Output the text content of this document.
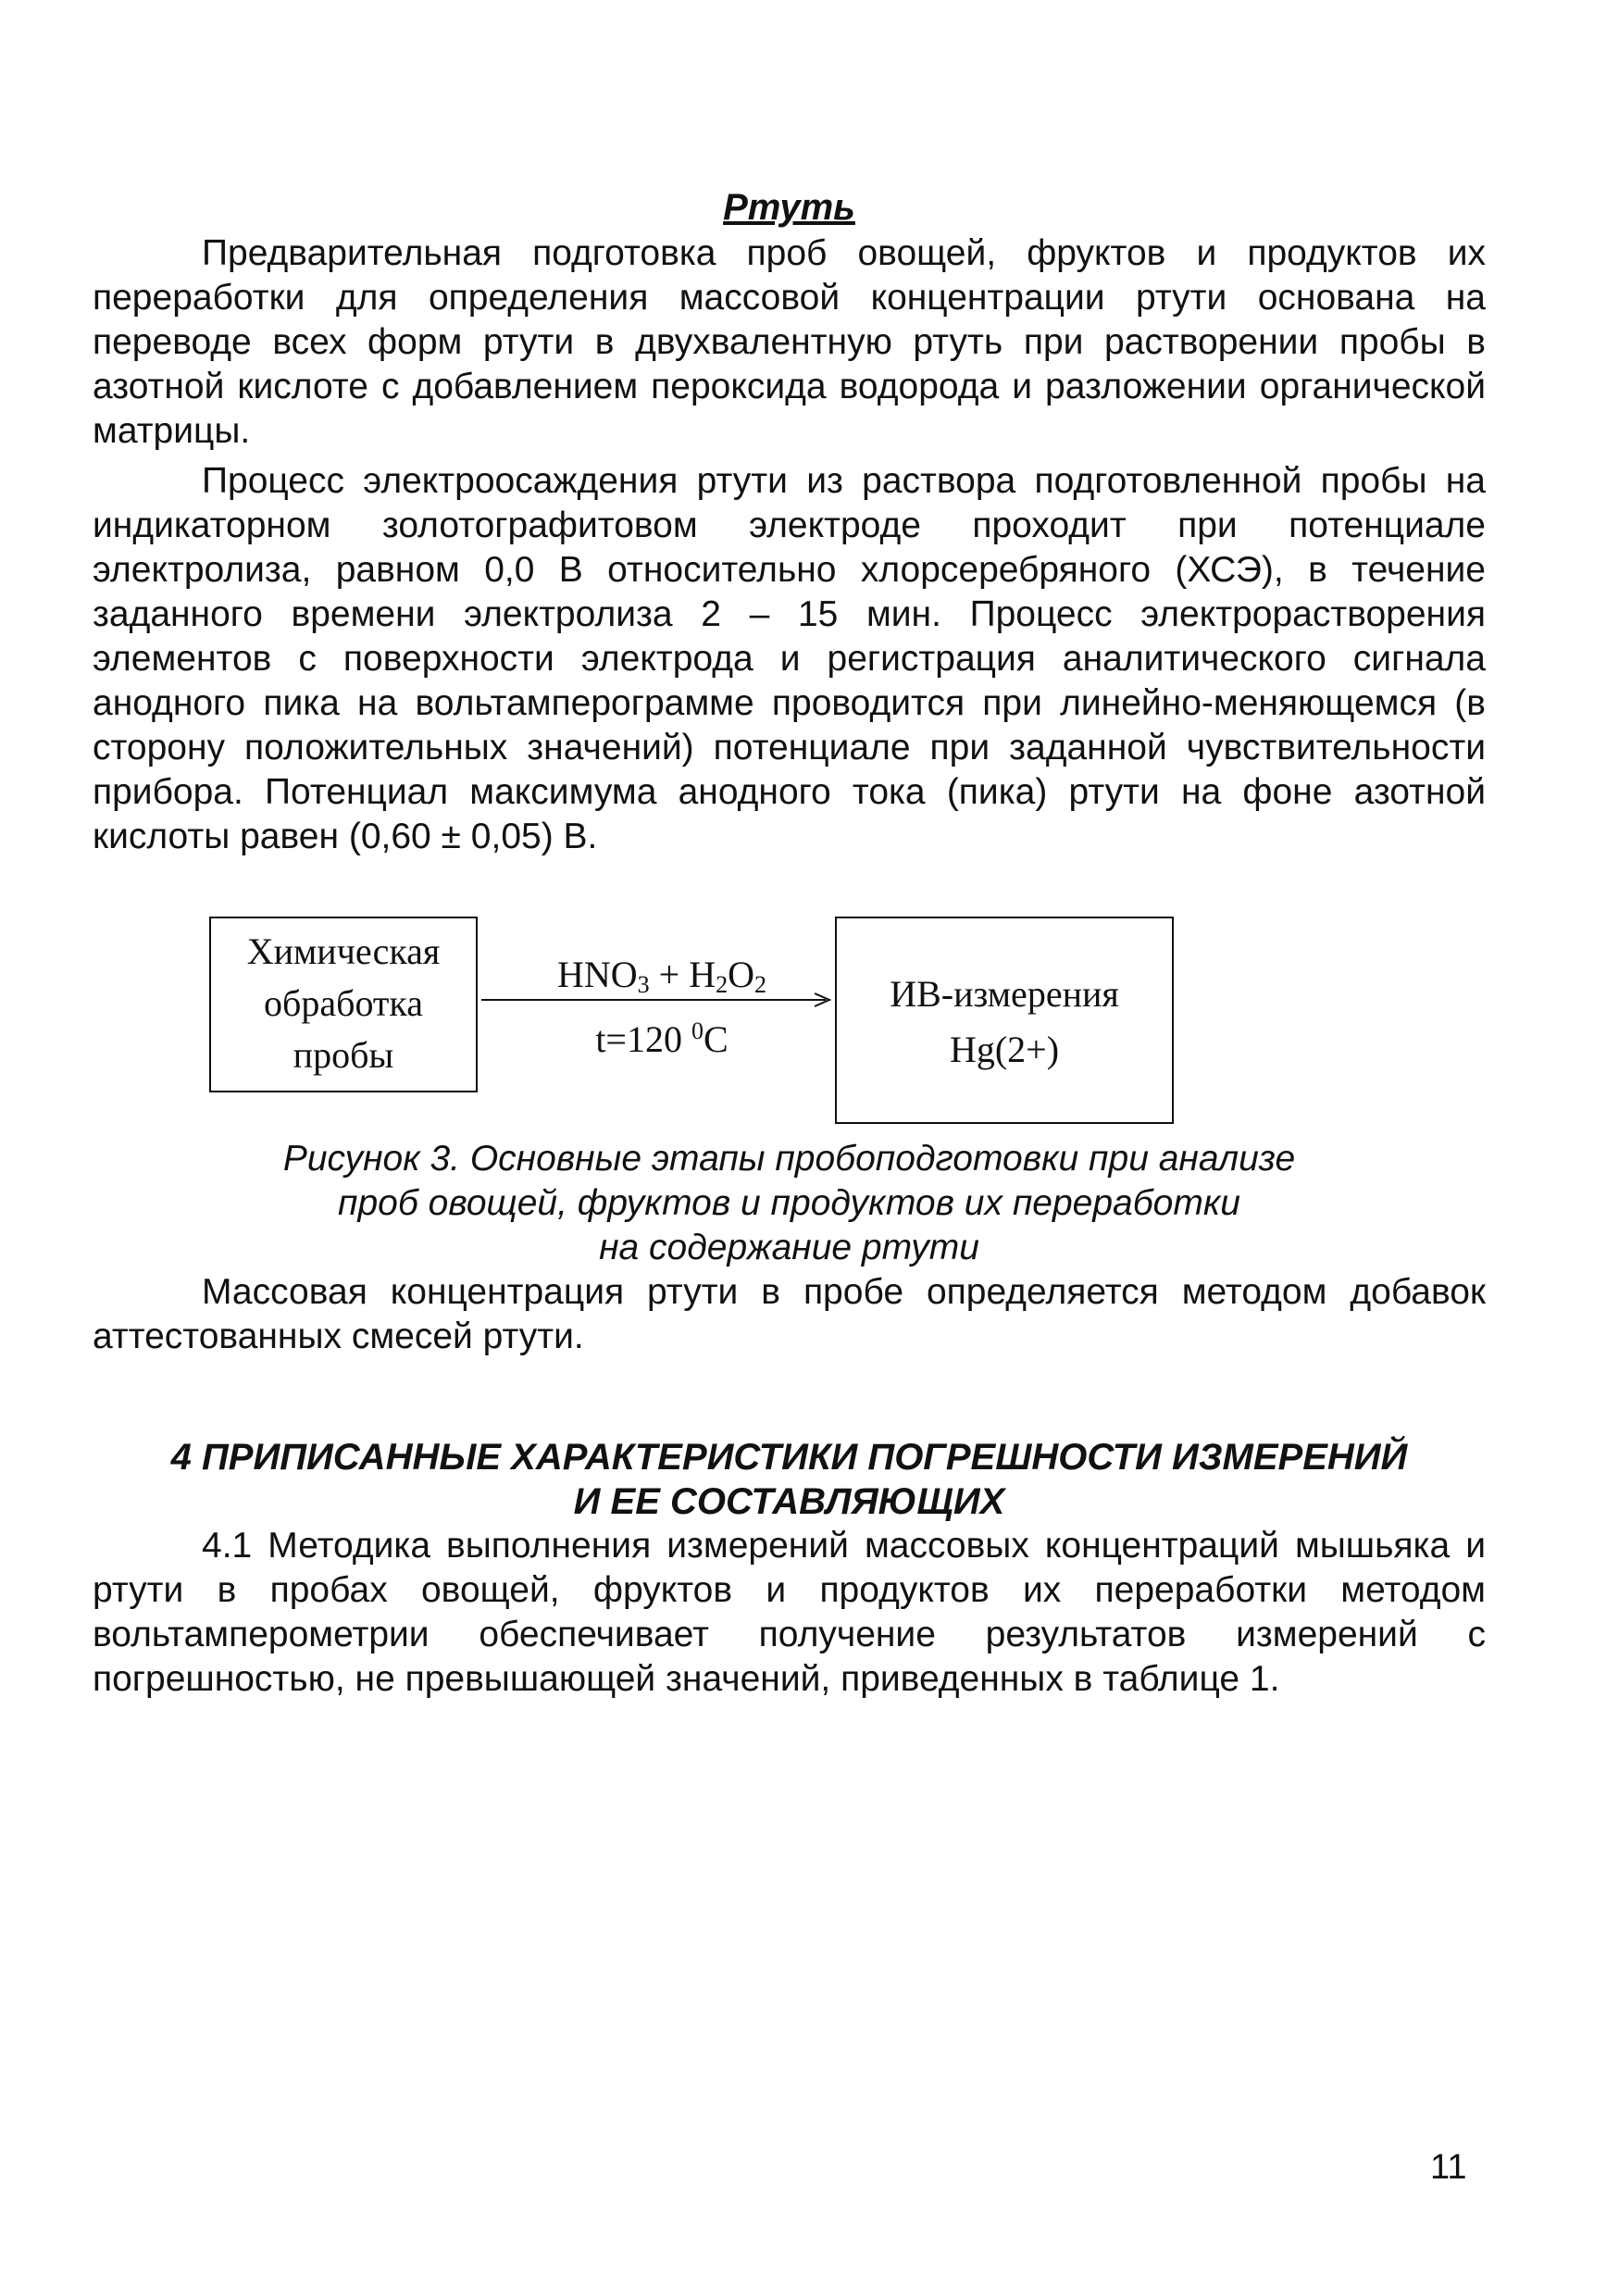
Ртуть

Предварительная подготовка проб овощей, фруктов и продуктов их переработки для определения массовой концентрации ртути основана на переводе всех форм ртути в двухвалентную ртуть при растворении пробы в азотной кислоте с добавлением пероксида водорода и разложении органической матрицы.

Процесс электроосаждения ртути из раствора подготовленной пробы на индикаторном золотографитовом электроде проходит при потенциале электролиза, равном 0,0 В относительно хлорсеребряного (ХСЭ), в течение заданного времени электролиза 2 – 15 мин. Процесс электрорастворения элементов с поверхности электрода и регистрация аналитического сигнала анодного пика на вольтамперограмме проводится при линейно-меняющемся (в сторону положительных значений) потенциале при заданной чувствительности прибора. Потенциал максимума анодного тока (пика) ртути на фоне азотной кислоты равен (0,60 ± 0,05) В.

Химическая
обработка
пробы
$HNO_3 + H_2O_2$
t=120 $^0$C
ИВ-измерения
Hg(2+)
Рисунок 3. Основные этапы пробоподготовки при анализе
проб овощей, фруктов и продуктов их переработки
на содержание ртути

Массовая концентрация ртути в пробе определяется методом добавок аттестованных смесей ртути.

4 ПРИПИСАННЫЕ ХАРАКТЕРИСТИКИ ПОГРЕШНОСТИ ИЗМЕРЕНИЙ
И ЕЕ СОСТАВЛЯЮЩИХ

4.1 Методика выполнения измерений массовых концентраций мышьяка и ртути в пробах овощей, фруктов и продуктов их переработки методом вольтамперометрии обеспечивает получение результатов измерений с погрешностью, не превышающей значений, приведенных в таблице 1.

11
